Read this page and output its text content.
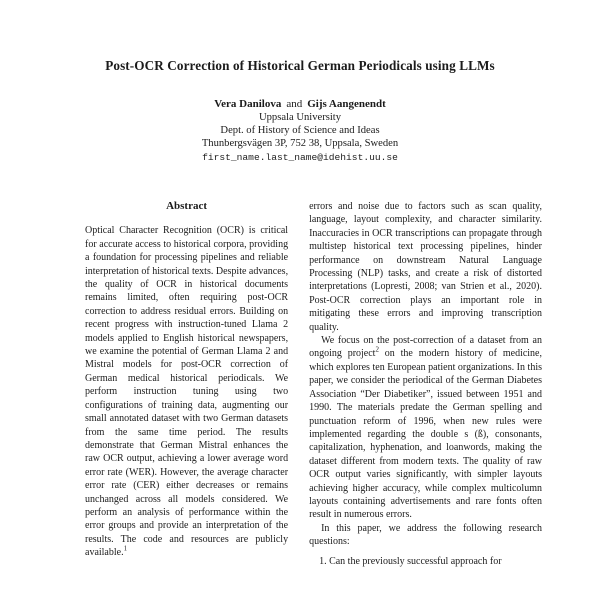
Post-OCR Correction of Historical German Periodicals using LLMs
Vera Danilova and Gijs Aangenendt
Uppsala University
Dept. of History of Science and Ideas
Thunbergsvägen 3P, 752 38, Uppsala, Sweden
first_name.last_name@idehist.uu.se
Abstract
Optical Character Recognition (OCR) is critical for accurate access to historical corpora, providing a foundation for processing pipelines and reliable interpretation of historical texts. Despite advances, the quality of OCR in historical documents remains limited, often requiring post-OCR correction to address residual errors. Building on recent progress with instruction-tuned Llama 2 models applied to English historical newspapers, we examine the potential of German Llama 2 and Mistral models for post-OCR correction of German medical historical periodicals. We perform instruction tuning using two configurations of training data, augmenting our small annotated dataset with two German datasets from the same time period. The results demonstrate that German Mistral enhances the raw OCR output, achieving a lower average word error rate (WER). However, the average character error rate (CER) either decreases or remains unchanged across all models considered. We perform an analysis of performance within the error groups and provide an interpretation of the results. The code and resources are publicly available.$^1$

errors and noise due to factors such as scan quality, language, layout complexity, and character similarity. Inaccuracies in OCR transcriptions can propagate through multistep historical text processing pipelines, hinder performance on downstream Natural Language Processing (NLP) tasks, and create a risk of distorted interpretations (Lopresti, 2008; van Strien et al., 2020). Post-OCR correction plays an important role in mitigating these errors and improving transcription quality.

We focus on the post-correction of a dataset from an ongoing project$^2$ on the modern history of medicine, which explores ten European patient organizations. In this paper, we consider the periodical of the German Diabetes Association “Der Diabetiker”, issued between 1951 and 1990. The materials predate the German spelling and punctuation reform of 1996, when new rules were implemented regarding the double s (ß), consonants, capitalization, hyphenation, and loanwords, making the dataset different from modern texts. The quality of raw OCR output varies significantly, with simpler layouts achieving higher accuracy, while complex multicolumn layouts containing advertisements and rare fonts often result in numerous errors.

In this paper, we address the following research questions:

1. Can the previously successful approach for
